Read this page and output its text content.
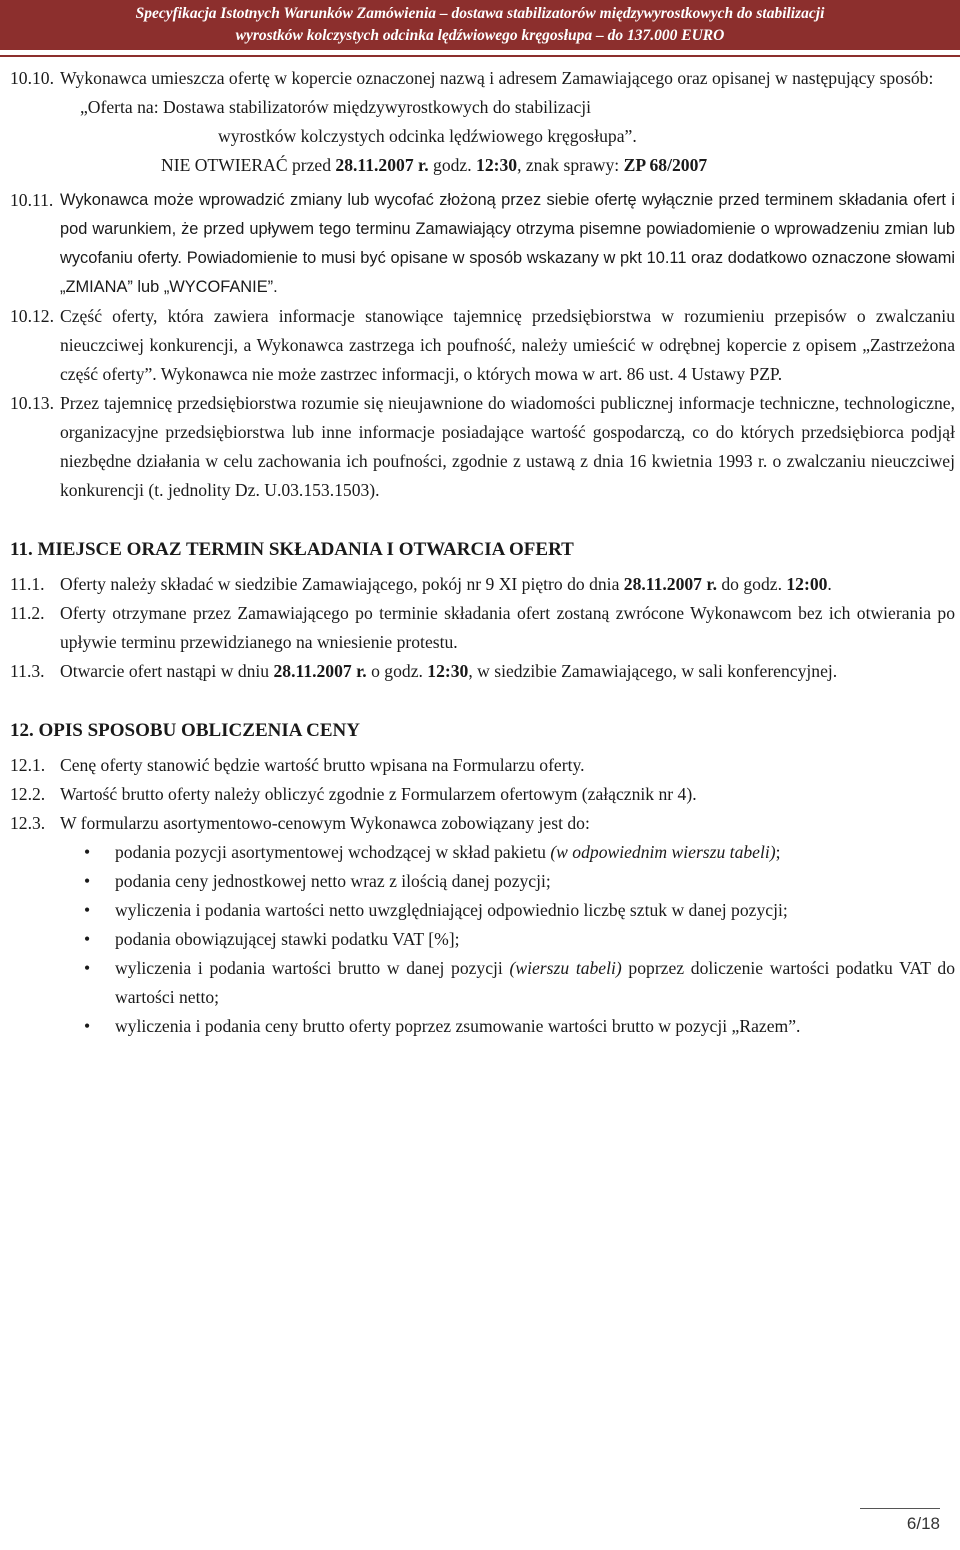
Specyfikacja Istotnych Warunków Zamówienia – dostawa stabilizatorów międzywyrostkowych do stabilizacji
wyrostków kolczystych odcinka lędźwiowego kręgosłupa – do 137.000 EURO
10.10. Wykonawca umieszcza ofertę w kopercie oznaczonej nazwą i adresem Zamawiającego oraz opisanej w następujący sposób:
„Oferta na: Dostawa stabilizatorów międzywyrostkowych do stabilizacji
wyrostków kolczystych odcinka lędźwiowego kręgosłupa”.
NIE OTWIERAĆ przed 28.11.2007 r. godz. 12:30, znak sprawy: ZP 68/2007
10.11. Wykonawca może wprowadzić zmiany lub wycofać złożoną przez siebie ofertę wyłącznie przed terminem składania ofert i pod warunkiem, że przed upływem tego terminu Zamawiający otrzyma pisemne powiadomienie o wprowadzeniu zmian lub wycofaniu oferty. Powiadomienie to musi być opisane w sposób wskazany w pkt 10.11 oraz dodatkowo oznaczone słowami „ZMIANA” lub „WYCOFANIE”.
10.12. Część oferty, która zawiera informacje stanowiące tajemnicę przedsiębiorstwa w rozumieniu przepisów o zwalczaniu nieuczciwej konkurencji, a Wykonawca zastrzega ich poufność, należy umieścić w odrębnej kopercie z opisem „Zastrzeżona część oferty”. Wykonawca nie może zastrzec informacji, o których mowa w art. 86 ust. 4 Ustawy PZP.
10.13. Przez tajemnicę przedsiębiorstwa rozumie się nieujawnione do wiadomości publicznej informacje techniczne, technologiczne, organizacyjne przedsiębiorstwa lub inne informacje posiadające wartość gospodarczą, co do których przedsiębiorca podjął niezbędne działania w celu zachowania ich poufności, zgodnie z ustawą z dnia 16 kwietnia 1993 r. o zwalczaniu nieuczciwej konkurencji (t. jednolity Dz. U.03.153.1503).
11. MIEJSCE ORAZ TERMIN SKŁADANIA I OTWARCIA OFERT
11.1. Oferty należy składać w siedzibie Zamawiającego, pokój nr 9 XI piętro do dnia 28.11.2007 r. do godz. 12:00.
11.2. Oferty otrzymane przez Zamawiającego po terminie składania ofert zostaną zwrócone Wykonawcom bez ich otwierania po upływie terminu przewidzianego na wniesienie protestu.
11.3. Otwarcie ofert nastąpi w dniu 28.11.2007 r. o godz. 12:30, w siedzibie Zamawiającego, w sali konferencyjnej.
12. OPIS SPOSOBU OBLICZENIA CENY
12.1. Cenę oferty stanowić będzie wartość brutto wpisana na Formularzu oferty.
12.2. Wartość brutto oferty należy obliczyć zgodnie z Formularzem ofertowym (załącznik nr 4).
12.3. W formularzu asortymentowo-cenowym Wykonawca zobowiązany jest do:
•	podania pozycji asortymentowej wchodzącej w skład pakietu (w odpowiednim wierszu tabeli);
•	podania ceny jednostkowej netto wraz z ilością danej pozycji;
•	wyliczenia i podania wartości netto uwzględniającej odpowiednio liczbę sztuk w danej pozycji;
•	podania obowiązującej stawki podatku VAT [%];
•	wyliczenia i podania wartości brutto w danej pozycji (wierszu tabeli) poprzez doliczenie wartości podatku VAT do wartości netto;
•	wyliczenia i podania ceny brutto oferty poprzez zsumowanie wartości brutto w pozycji „Razem”.
6/18
